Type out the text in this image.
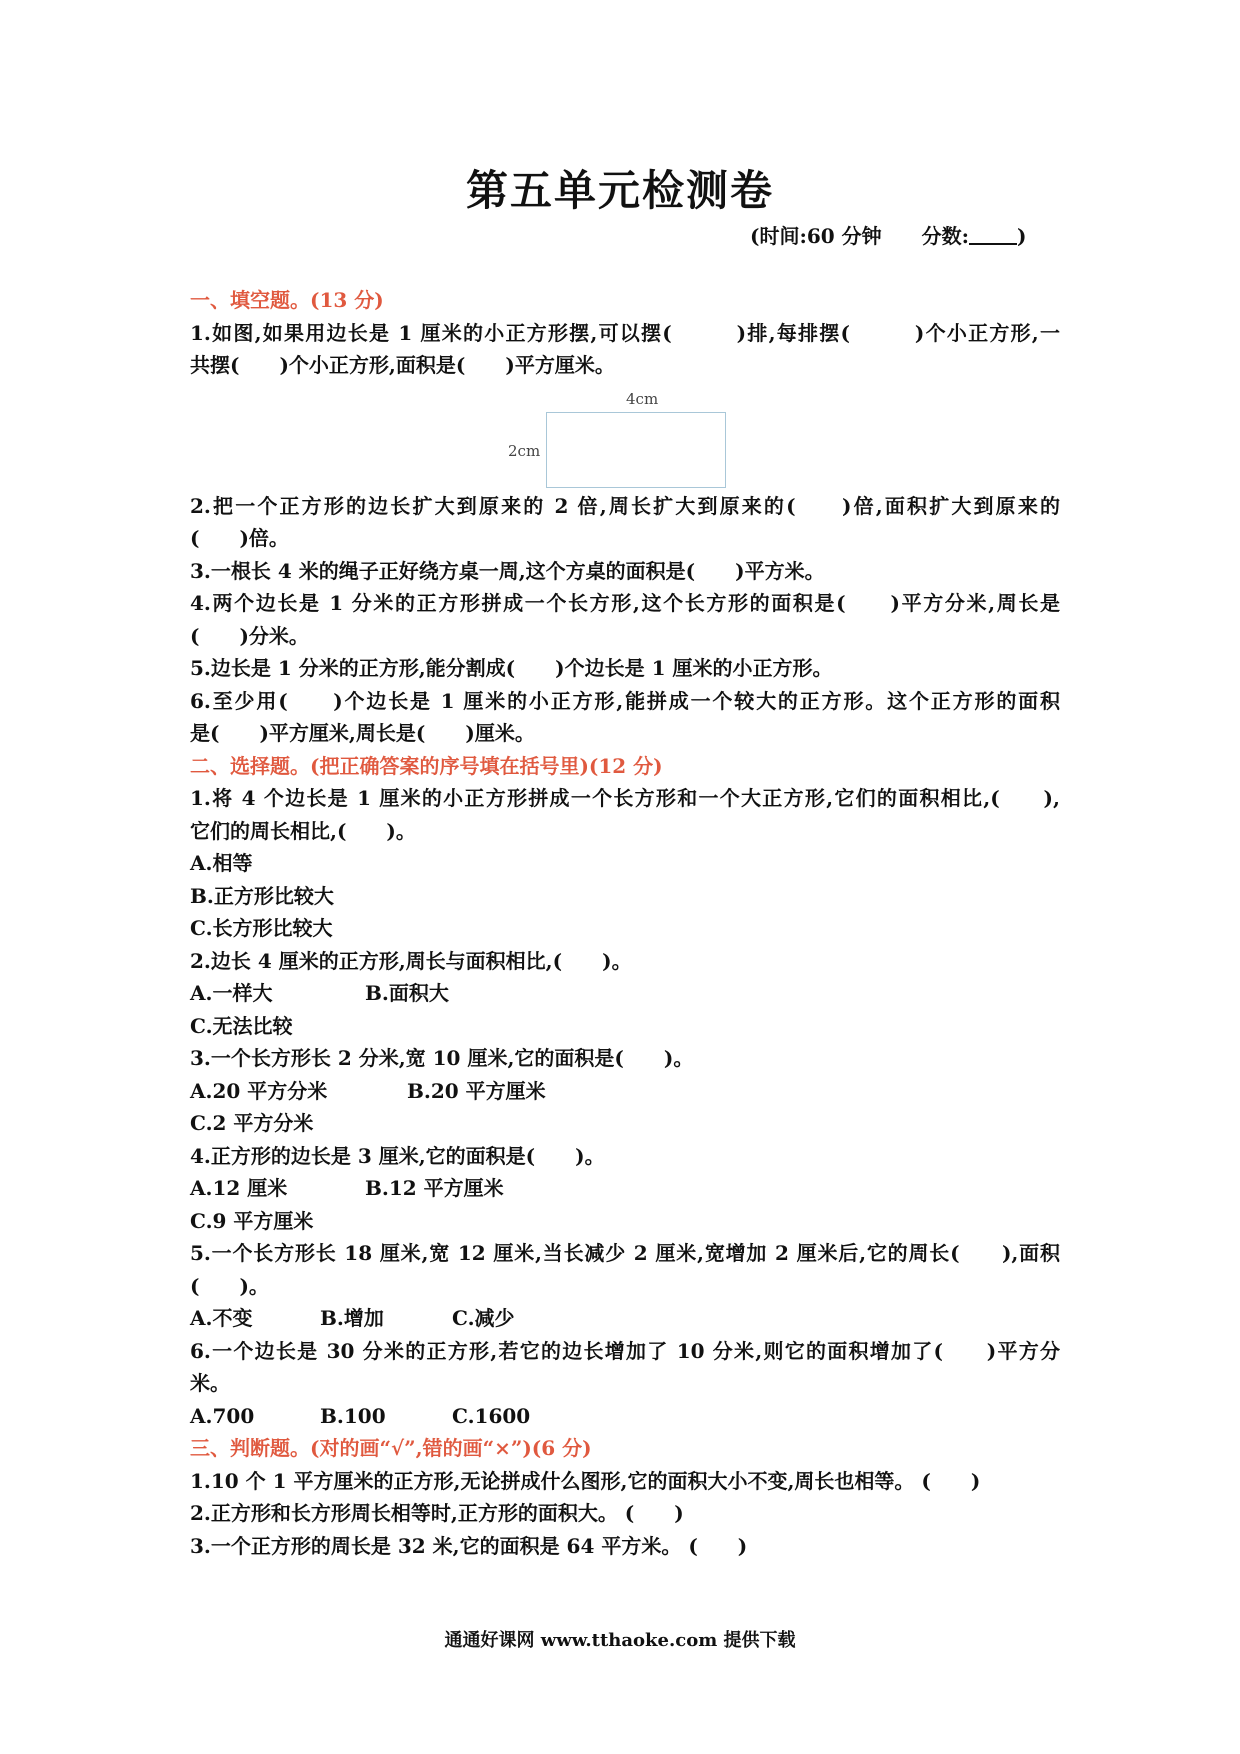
第五单元检测卷
(时间:60 分钟 分数: )
一、填空题。(13 分)
1.如图,如果用边长是 1 厘米的小正方形摆,可以摆(　　　)排,每排摆(　　　)个小正方形,一
共摆(　　)个小正方形,面积是(　　)平方厘米。
4cm
2cm
2.把一个正方形的边长扩大到原来的 2 倍,周长扩大到原来的(　　)倍,面积扩大到原来的
(　　)倍。
3.一根长 4 米的绳子正好绕方桌一周,这个方桌的面积是(　　)平方米。
4.两个边长是 1 分米的正方形拼成一个长方形,这个长方形的面积是(　　)平方分米,周长是
(　　)分米。
5.边长是 1 分米的正方形,能分割成(　　)个边长是 1 厘米的小正方形。
6.至少用(　　)个边长是 1 厘米的小正方形,能拼成一个较大的正方形。这个正方形的面积
是(　　)平方厘米,周长是(　　)厘米。
二、选择题。(把正确答案的序号填在括号里)(12 分)
1.将 4 个边长是 1 厘米的小正方形拼成一个长方形和一个大正方形,它们的面积相比,(　　),
它们的周长相比,(　　)。
A.相等
B.正方形比较大
C.长方形比较大
2.边长 4 厘米的正方形,周长与面积相比,(　　)。
A.一样大	B.面积大
C.无法比较
3.一个长方形长 2 分米,宽 10 厘米,它的面积是(　　)。
A.20 平方分米	B.20 平方厘米
C.2 平方分米
4.正方形的边长是 3 厘米,它的面积是(　　)。
A.12 厘米	B.12 平方厘米
C.9 平方厘米
5.一个长方形长 18 厘米,宽 12 厘米,当长减少 2 厘米,宽增加 2 厘米后,它的周长(　　),面积
(　　)。
A.不变	B.增加	C.减少
6.一个边长是 30 分米的正方形,若它的边长增加了 10 分米,则它的面积增加了(　　)平方分
米。
A.700	B.100	C.1600
三、判断题。(对的画“√”,错的画“×”)(6 分)
1.10 个 1 平方厘米的正方形,无论拼成什么图形,它的面积大小不变,周长也相等。 (　　)
2.正方形和长方形周长相等时,正方形的面积大。 (　　)
3.一个正方形的周长是 32 米,它的面积是 64 平方米。 (　　)
通通好课网 www.tthaoke.com 提供下载
